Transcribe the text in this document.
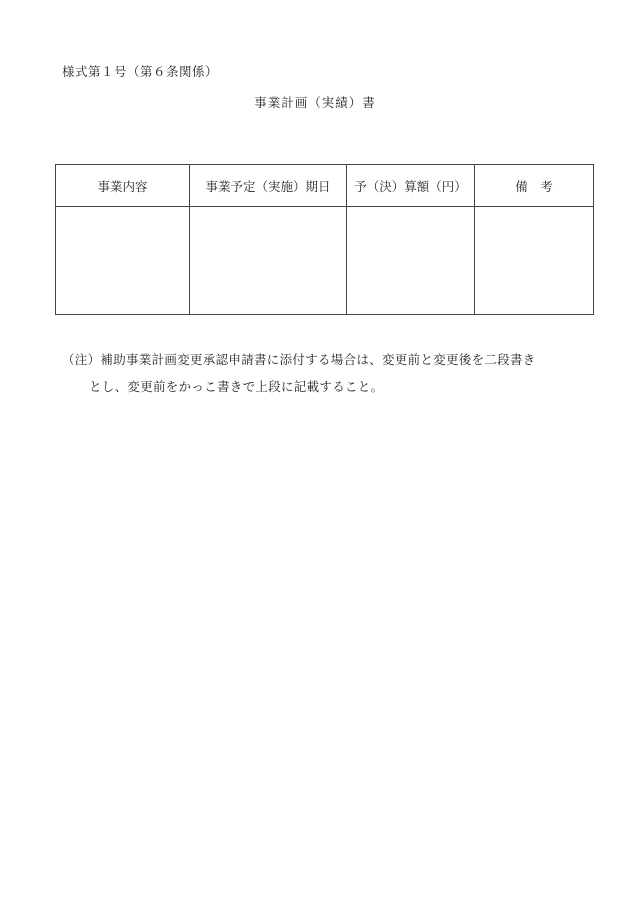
様式第１号（第６条関係）
事業計画（実績）書
事業内容	事業予定（実施）期日	予（決）算額（円）	備　考

（注）補助事業計画変更承認申請書に添付する場合は、変更前と変更後を二段書き
とし、変更前をかっこ書きで上段に記載すること。
